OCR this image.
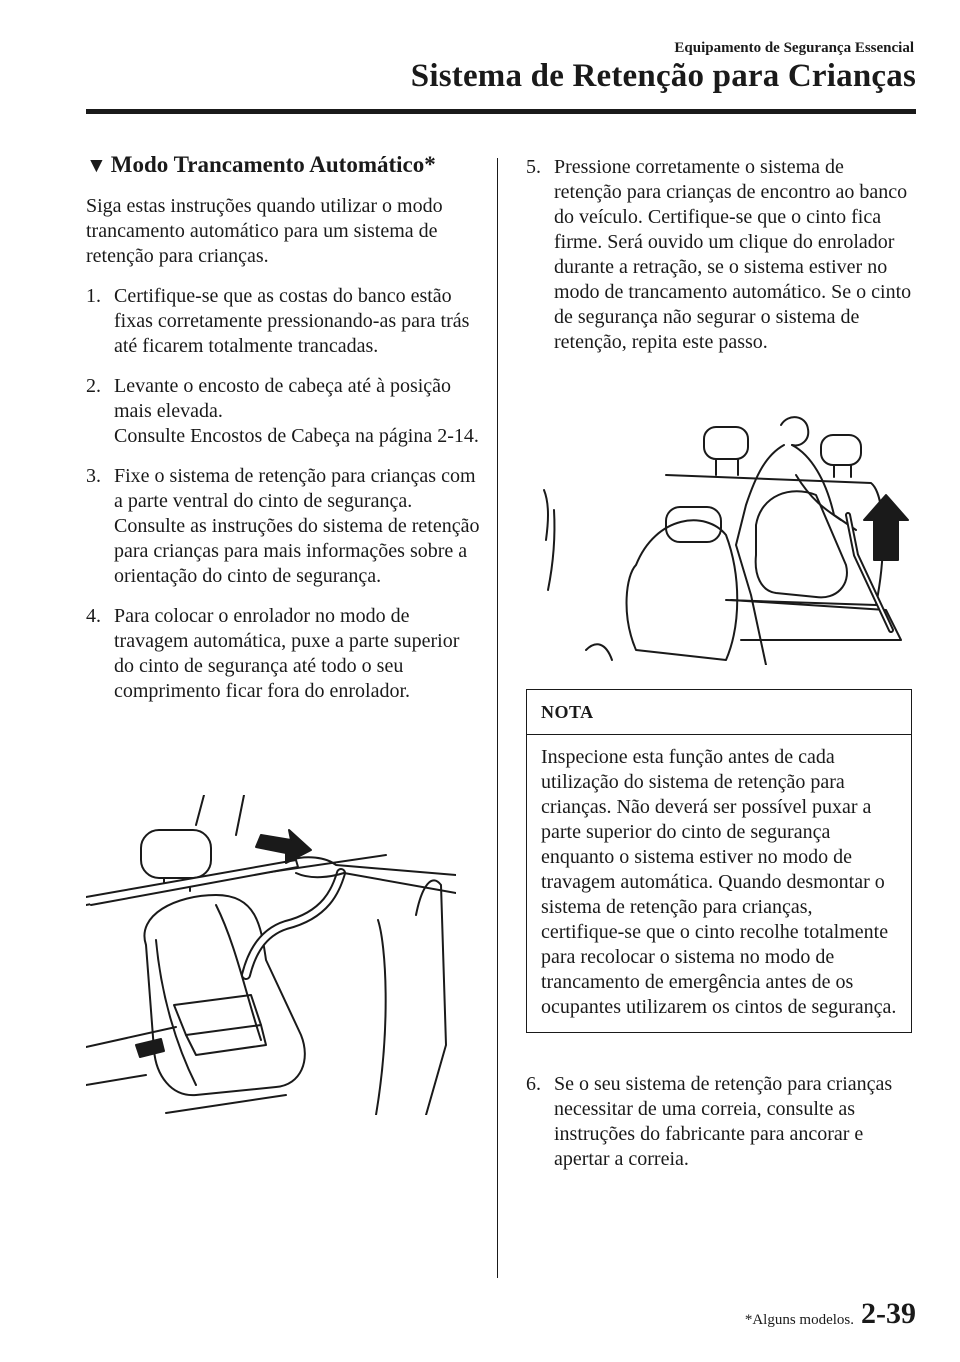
Equipamento de Segurança Essencial
Sistema de Retenção para Crianças
▼ Modo Trancamento Automático*

Siga estas instruções quando utilizar o modo trancamento automático para um sistema de retenção para crianças.

1. Certifique-se que as costas do banco estão fixas corretamente pressionando-as para trás até ficarem totalmente trancadas.
2. Levante o encosto de cabeça até à posição mais elevada.
Consulte Encostos de Cabeça na página 2-14.
3. Fixe o sistema de retenção para crianças com a parte ventral do cinto de segurança. Consulte as instruções do sistema de retenção para crianças para mais informações sobre a orientação do cinto de segurança.
4. Para colocar o enrolador no modo de travagem automática, puxe a parte superior do cinto de segurança até todo o seu comprimento ficar fora do enrolador.
5. Pressione corretamente o sistema de retenção para crianças de encontro ao banco do veículo. Certifique-se que o cinto fica firme. Será ouvido um clique do enrolador durante a retração, se o sistema estiver no modo de trancamento automático. Se o cinto de segurança não segurar o sistema de retenção, repita este passo.
NOTA
Inspecione esta função antes de cada utilização do sistema de retenção para crianças. Não deverá ser possível puxar a parte superior do cinto de segurança enquanto o sistema estiver no modo de travagem automática. Quando desmontar o sistema de retenção para crianças, certifique-se que o cinto recolhe totalmente para recolocar o sistema no modo de trancamento de emergência antes de os ocupantes utilizarem os cintos de segurança.
6. Se o seu sistema de retenção para crianças necessitar de uma correia, consulte as instruções do fabricante para ancorar e apertar a correia.
*Alguns modelos. 2-39
